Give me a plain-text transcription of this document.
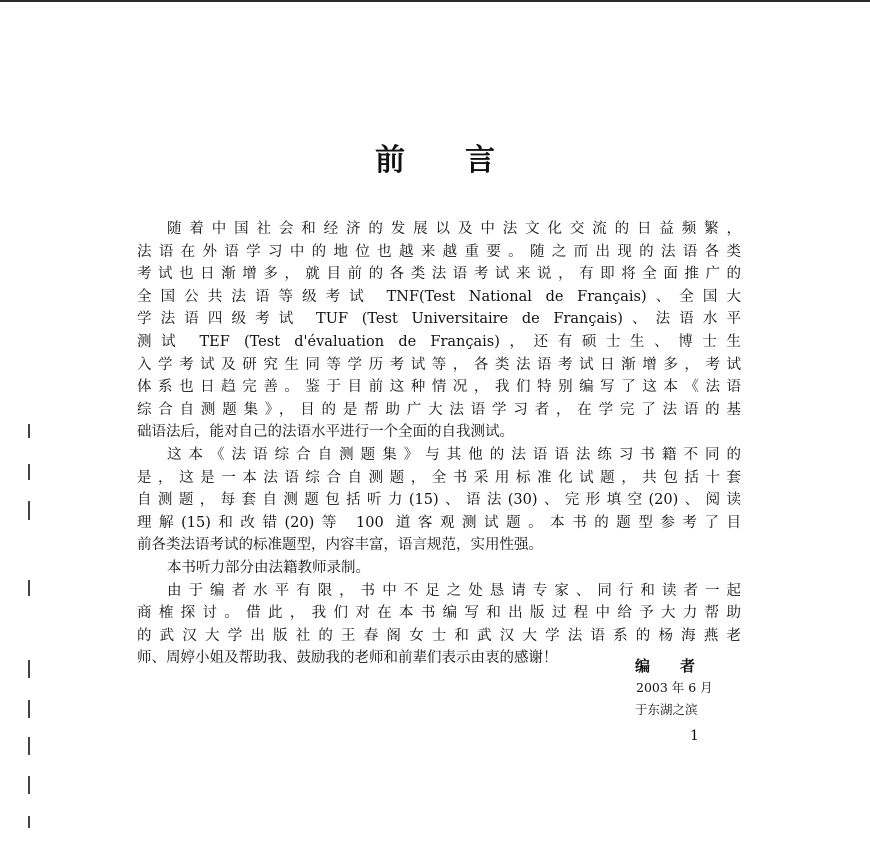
前　　言

随着中国社会和经济的发展以及中法文化交流的日益频繁，
法语在外语学习中的地位也越来越重要。随之而出现的法语各类
考试也日渐增多，就目前的各类法语考试来说，有即将全面推广的
全国公共法语等级考试 TNF(Test National de Français)、全国大
学法语四级考试 TUF (Test Universitaire de Français)、法语水平
测试 TEF (Test d'évaluation de Français)，还有硕士生、博士生
入学考试及研究生同等学历考试等，各类法语考试日渐增多，考试
体系也日趋完善。鉴于目前这种情况，我们特别编写了这本《法语
综合自测题集》，目的是帮助广大法语学习者，在学完了法语的基
础语法后，能对自己的法语水平进行一个全面的自我测试。

这本《法语综合自测题集》与其他的法语语法练习书籍不同的
是，这是一本法语综合自测题，全书采用标准化试题，共包括十套
自测题，每套自测题包括听力(15)、语法(30)、完形填空(20)、阅读
理解(15)和改错(20)等 100 道客观测试题。本书的题型参考了目
前各类法语考试的标准题型，内容丰富，语言规范，实用性强。

本书听力部分由法籍教师录制。

由于编者水平有限，书中不足之处恳请专家、同行和读者一起
商榷探讨。借此，我们对在本书编写和出版过程中给予大力帮助
的武汉大学出版社的王春阁女士和武汉大学法语系的杨海燕老
师、周婷小姐及帮助我、鼓励我的老师和前辈们表示由衷的感谢！	编　　者
2003 年 6 月
于东湖之滨
1
